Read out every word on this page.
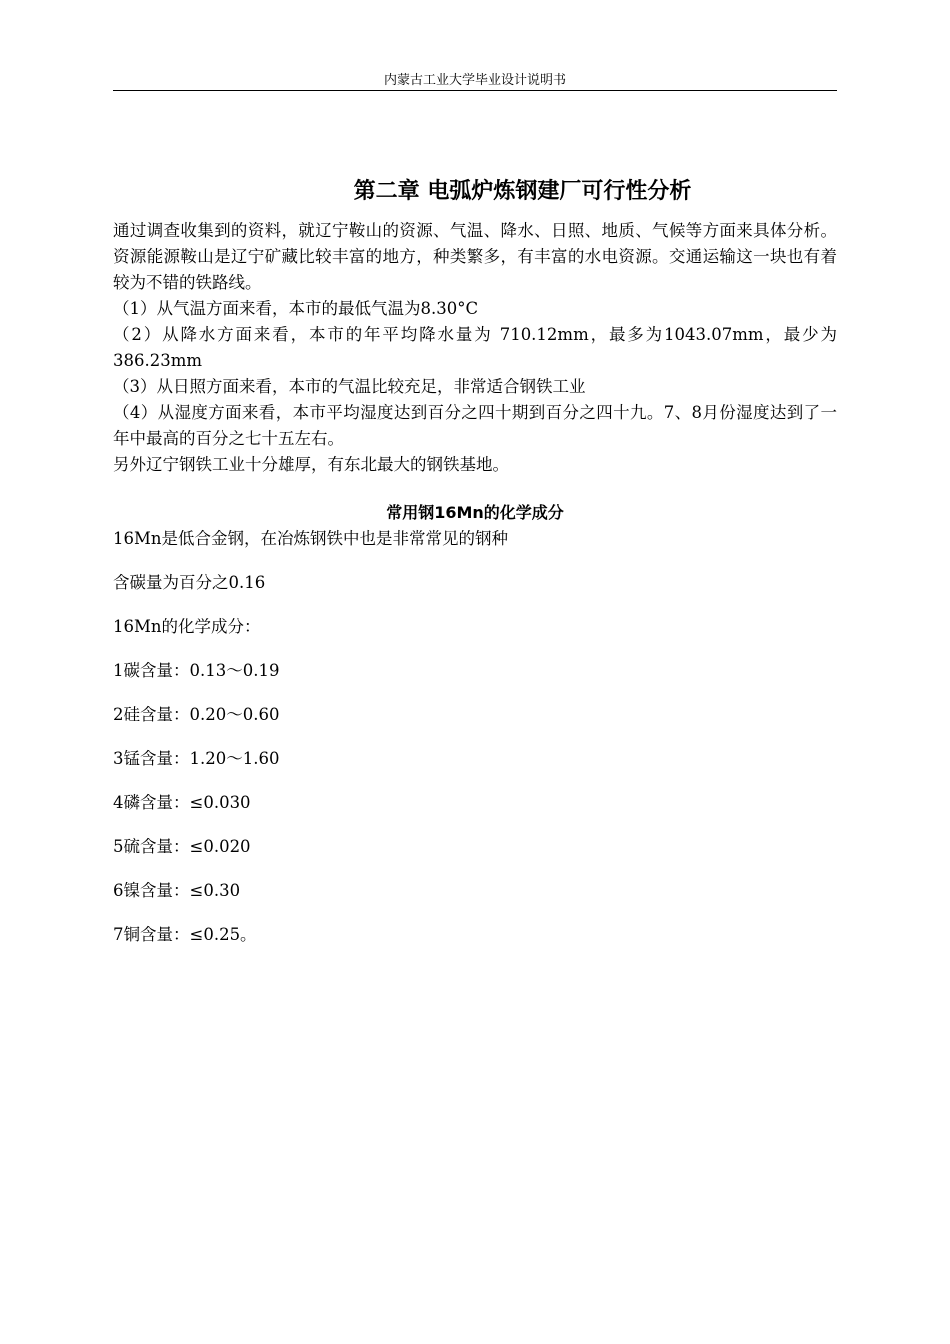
内蒙古工业大学毕业设计说明书
第二章 电弧炉炼钢建厂可行性分析

通过调查收集到的资料，就辽宁鞍山的资源、气温、降水、日照、地质、气候等方面来具体分析。资源能源鞍山是辽宁矿藏比较丰富的地方，种类繁多，有丰富的水电资源。交通运输这一块也有着较为不错的铁路线。

（1）从气温方面来看，本市的最低气温为8.30°C

（2）从降水方面来看，本市的年平均降水量为 710.12mm，最多为1043.07mm，最少为386.23mm

（3）从日照方面来看，本市的气温比较充足，非常适合钢铁工业

（4）从湿度方面来看，本市平均湿度达到百分之四十期到百分之四十九。7、8月份湿度达到了一年中最高的百分之七十五左右。

另外辽宁钢铁工业十分雄厚，有东北最大的钢铁基地。

常用钢16Mn的化学成分

16Mn是低合金钢，在冶炼钢铁中也是非常常见的钢种

含碳量为百分之0.16

16Mn的化学成分：

1碳含量：0.13～0.19

2硅含量：0.20～0.60

3锰含量：1.20～1.60

4磷含量：≤0.030

5硫含量：≤0.020

6镍含量：≤0.30

7铜含量：≤0.25。
